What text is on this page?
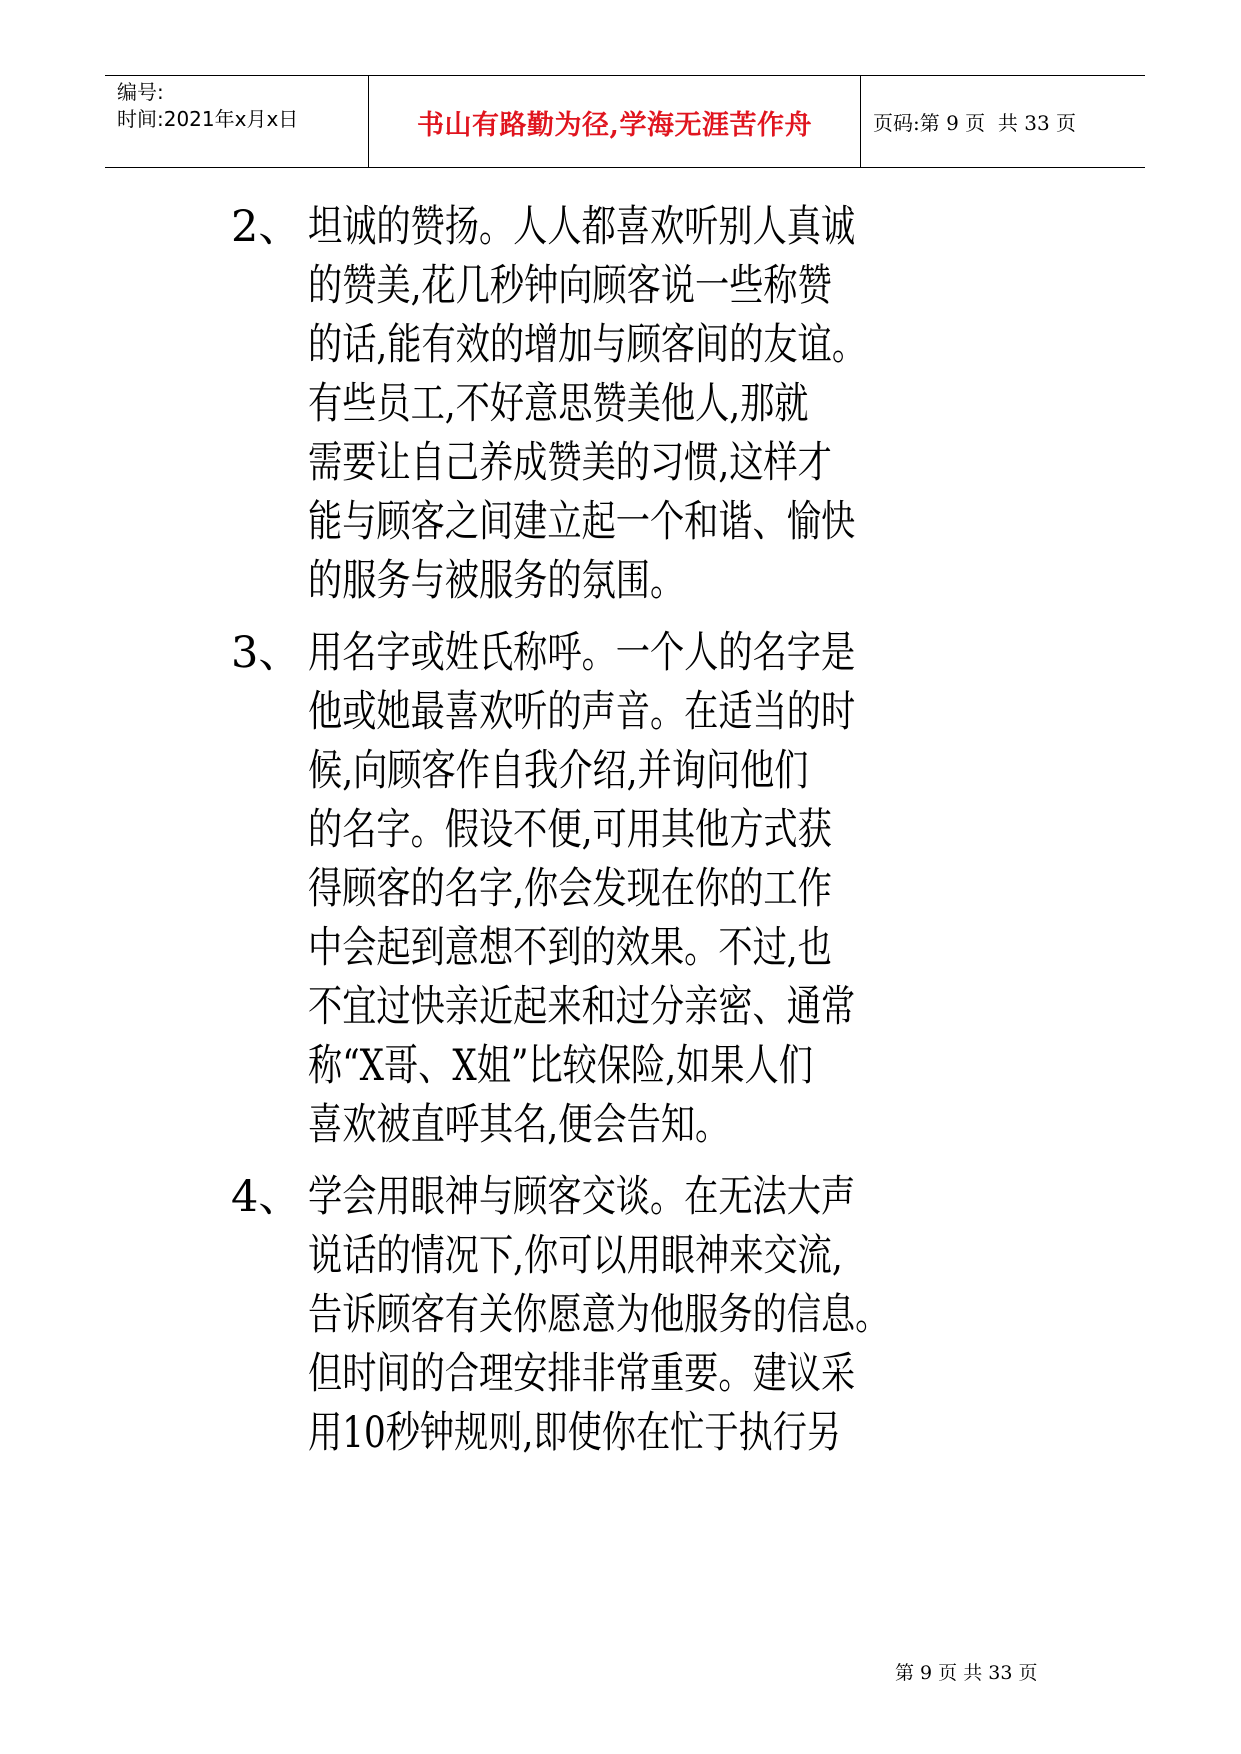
编号:
时间:2021年x月x日	书山有路勤为径,学海无涯苦作舟	页码:第 9 页  共 33 页
2、 坦诚的赞扬。人人都喜欢听别人真诚
的赞美,花几秒钟向顾客说一些称赞
的话,能有效的增加与顾客间的友谊。
有些员工,不好意思赞美他人,那就
需要让自己养成赞美的习惯,这样才
能与顾客之间建立起一个和谐、愉快
的服务与被服务的氛围。
3、 用名字或姓氏称呼。一个人的名字是
他或她最喜欢听的声音。在适当的时
候,向顾客作自我介绍,并询问他们
的名字。假设不便,可用其他方式获
得顾客的名字,你会发现在你的工作
中会起到意想不到的效果。不过,也
不宜过快亲近起来和过分亲密、通常
称“X哥、X姐”比较保险,如果人们
喜欢被直呼其名,便会告知。
4、 学会用眼神与顾客交谈。在无法大声
说话的情况下,你可以用眼神来交流,
告诉顾客有关你愿意为他服务的信息。
但时间的合理安排非常重要。建议采
用10秒钟规则,即使你在忙于执行另
第 9 页 共 33 页
